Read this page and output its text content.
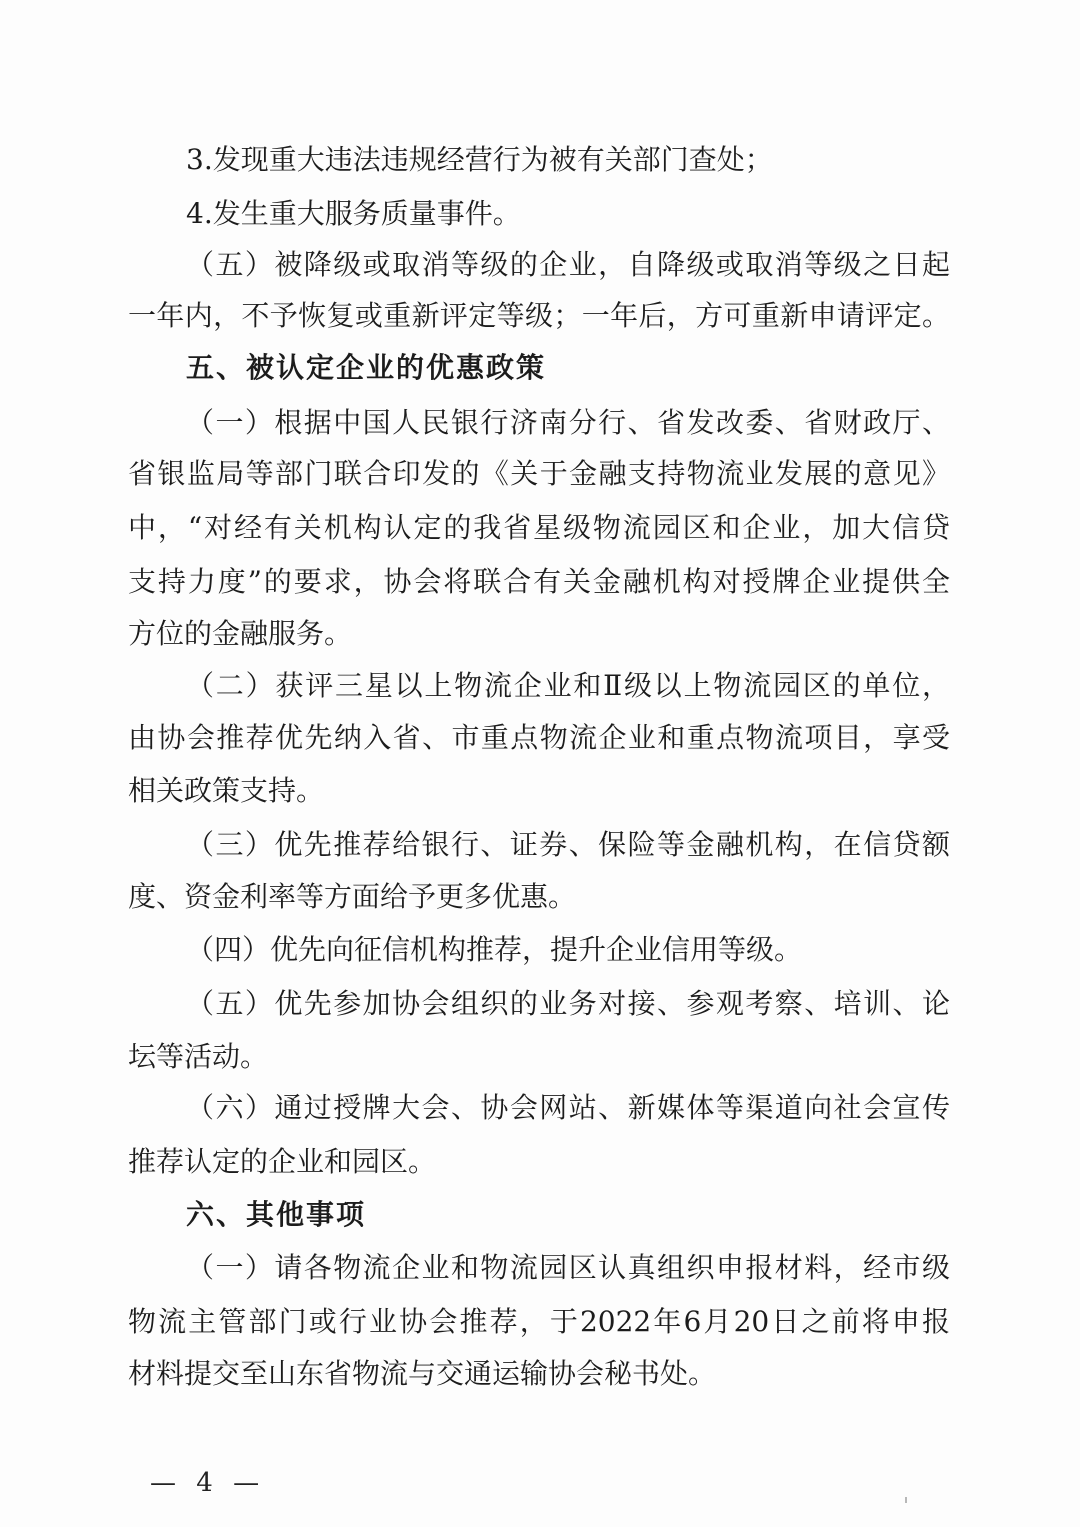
3.发现重大违法违规经营行为被有关部门查处；
4.发生重大服务质量事件。
（五）被降级或取消等级的企业，自降级或取消等级之日起
一年内，不予恢复或重新评定等级；一年后，方可重新申请评定。
五、被认定企业的优惠政策
（一）根据中国人民银行济南分行、省发改委、省财政厅、
省银监局等部门联合印发的《关于金融支持物流业发展的意见》
中，“对经有关机构认定的我省星级物流园区和企业，加大信贷
支持力度”的要求，协会将联合有关金融机构对授牌企业提供全
方位的金融服务。
（二）获评三星以上物流企业和Ⅱ级以上物流园区的单位，
由协会推荐优先纳入省、市重点物流企业和重点物流项目，享受
相关政策支持。
（三）优先推荐给银行、证券、保险等金融机构，在信贷额
度、资金利率等方面给予更多优惠。
（四）优先向征信机构推荐，提升企业信用等级。
（五）优先参加协会组织的业务对接、参观考察、培训、论
坛等活动。
（六）通过授牌大会、协会网站、新媒体等渠道向社会宣传
推荐认定的企业和园区。
六、其他事项
（一）请各物流企业和物流园区认真组织申报材料，经市级
物流主管部门或行业协会推荐，于2022年6月20日之前将申报
材料提交至山东省物流与交通运输协会秘书处。
— 4 —
